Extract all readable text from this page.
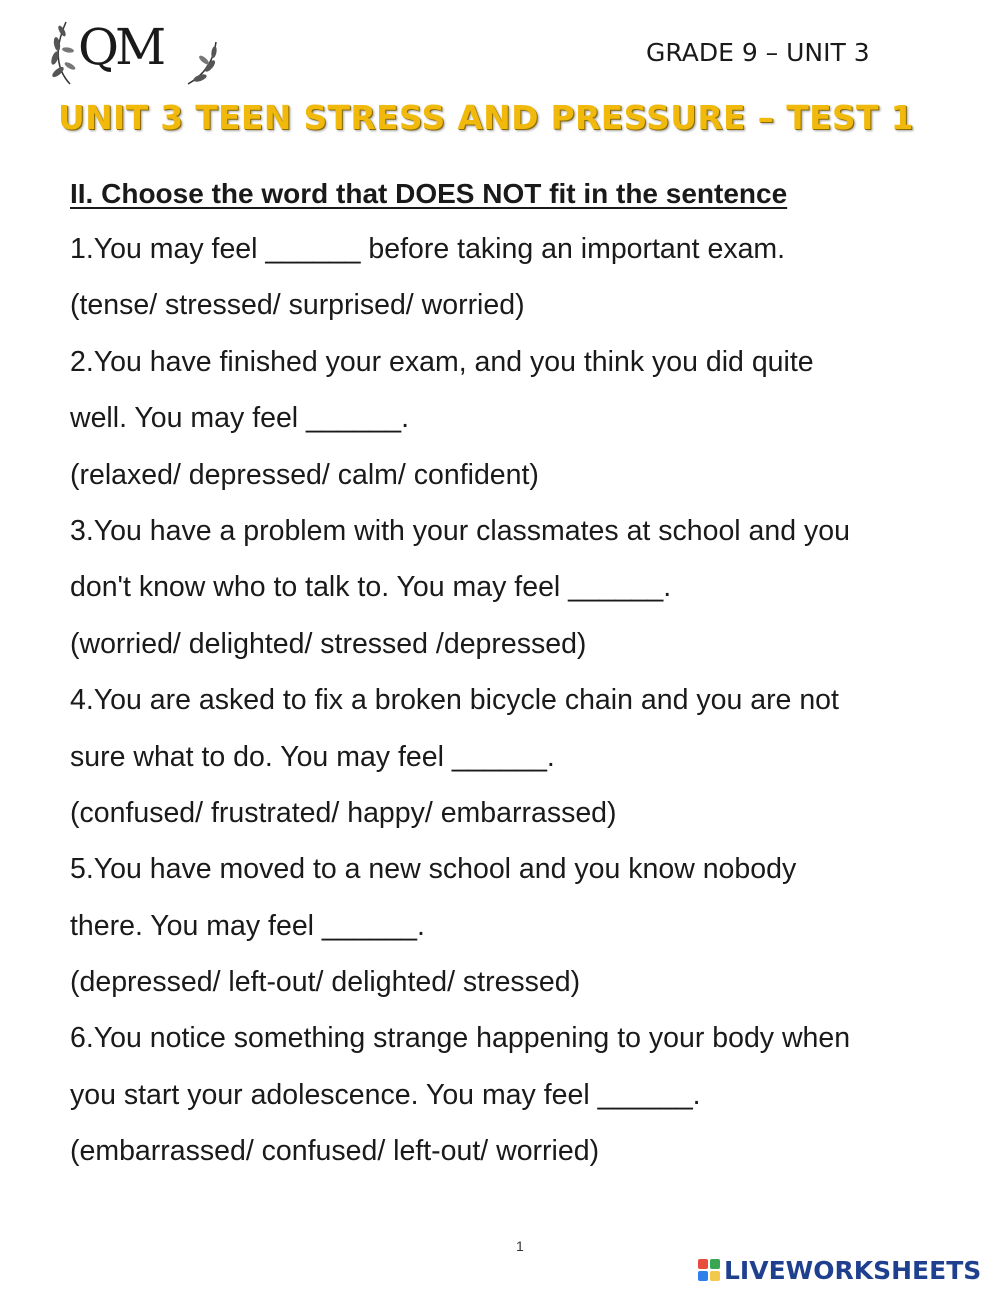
QM	GRADE 9 – UNIT 3
UNIT 3 TEEN STRESS AND PRESSURE – TEST 1
II. Choose the word that DOES NOT fit in the sentence
1.You may feel ______ before taking an important exam.
(tense/ stressed/ surprised/ worried)
2.You have finished your exam, and you think you did quite
well. You may feel ______.
(relaxed/ depressed/ calm/ confident)
3.You have a problem with your classmates at school and you
don't know who to talk to. You may feel ______.
(worried/ delighted/ stressed /depressed)
4.You are asked to fix a broken bicycle chain and you are not
sure what to do. You may feel ______.
(confused/ frustrated/ happy/ embarrassed)
5.You have moved to a new school and you know nobody
there. You may feel ______.
(depressed/ left-out/ delighted/ stressed)
6.You notice something strange happening to your body when
you start your adolescence. You may feel ______.
(embarrassed/ confused/ left-out/ worried)
1
LIVEWORKSHEETS
